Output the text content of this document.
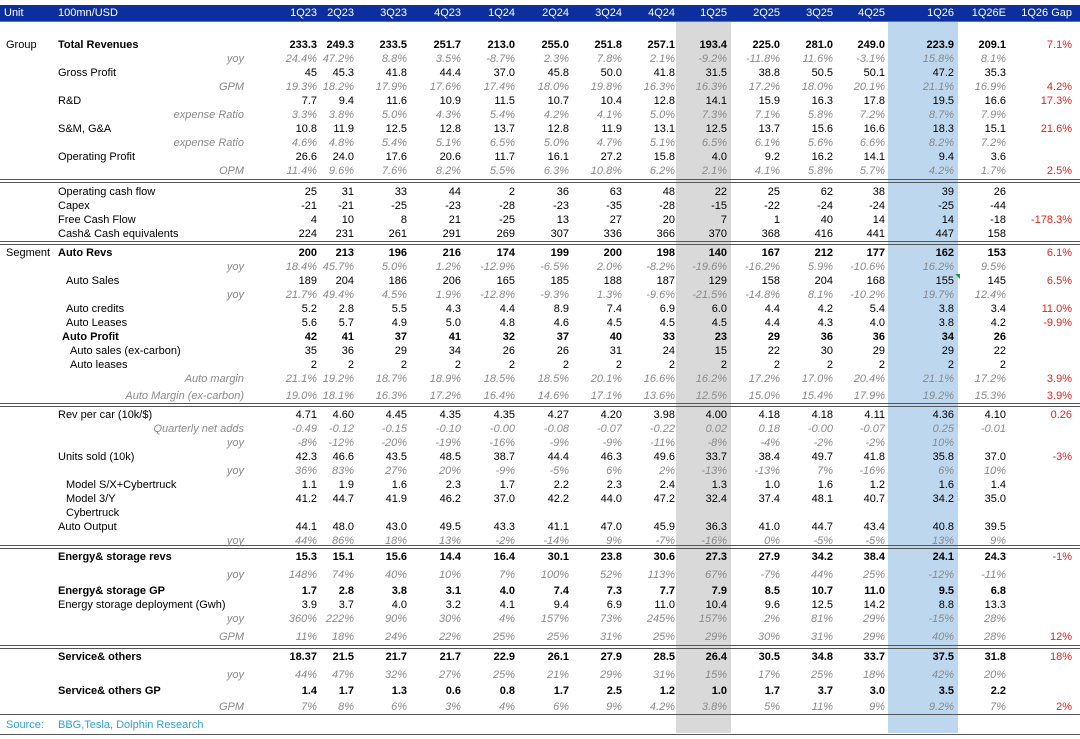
Unit	100mn/USD	1Q23 2Q23	3Q23	4Q23	1Q24	2Q24	3Q24	4Q24	1Q25	2Q25	3Q25	4Q25	1Q26	1Q26E	1Q26 Gap
Group	Total Revenues	233.3 249.3	233.5	251.7	213.0	255.0	251.8	257.1	193.4	225.0	281.0	249.0	223.9	209.1	7.1%
yoy	24.4% 47.2%	8.8%	3.5%	-8.7%	2.3%	7.8%	2.1%	-9.2%	-11.8%	11.6%	-3.1%	15.8%	8.1%
Gross Profit	45	45.3	41.8	44.4	37.0	45.8	50.0	41.8	31.5	38.8	50.5	50.1	47.2	35.3
GPM	19.3% 18.2%	17.9%	17.6%	17.4%	18.0%	19.8%	16.3%	16.3%	17.2%	18.0%	20.1%	21.1%	16.9%	4.2%
R&D	7.7	9.4	11.6	10.9	11.5	10.7	10.4	12.8	14.1	15.9	16.3	17.8	19.5	16.6	17.3%
expense Ratio	3.3%	3.8%	5.0%	4.3%	5.4%	4.2%	4.1%	5.0%	7.3%	7.1%	5.8%	7.2%	8.7%	7.9%
S&M, G&A	10.8	11.9	12.5	12.8	13.7	12.8	11.9	13.1	12.5	13.7	15.6	16.6	18.3	15.1	21.6%
expense Ratio	4.6%	4.8%	5.4%	5.1%	6.5%	5.0%	4.7%	5.1%	6.5%	6.1%	5.6%	6.6%	8.2%	7.2%
Operating Profit	26.6	24.0	17.6	20.6	11.7	16.1	27.2	15.8	4.0	9.2	16.2	14.1	9.4	3.6
OPM	11.4%	9.6%	7.6%	8.2%	5.5%	6.3%	10.8%	6.2%	2.1%	4.1%	5.8%	5.7%	4.2%	1.7%	2.5%
Operating cash flow	25	31	33	44	2	36	63	48	22	25	62	38	39	26
Capex	-21	-21	-25	-23	-28	-23	-35	-28	-15	-22	-24	-24	-25	-44
Free Cash Flow	4	10	8	21	-25	13	27	20	7	1	40	14	14	-18	-178.3%
Cash& Cash equivalents	224	231	261	291	269	307	336	366	370	368	416	441	447	158
Segment Auto Revs	200	213	196	216	174	199	200	198	140	167	212	177	162	153	6.1%
yoy	18.4% 45.7%	5.0%	1.2%	-12.9%	-6.5%	2.0%	-8.2%	-19.6%	-16.2%	5.9%	-10.6%	16.2%	9.5%
Auto Sales	189	204	186	206	165	185	188	187	129	158	204	168	155	145	6.5%
yoy	21.7% 49.4%	4.5%	1.9%	-12.8%	-9.3%	1.3%	-9.6%	-21.5%	-14.8%	8.1%	-10.2%	19.7%	12.4%
Auto credits	5.2	2.8	5.5	4.3	4.4	8.9	7.4	6.9	6.0	4.4	4.2	5.4	3.8	3.4	11.0%
Auto Leases	5.6	5.7	4.9	5.0	4.8	4.6	4.5	4.5	4.5	4.4	4.3	4.0	3.8	4.2	-9.9%
Auto Profit	42	41	37	41	32	37	40	33	23	29	36	36	34	26
Auto sales (ex-carbon)	35	36	29	34	26	26	31	24	15	22	30	29	29	22
Auto leases	2	2	2	2	2	2	2	2	2	2	2	2	2	2
Auto margin	21.1% 19.2%	18.7%	18.9%	18.5%	18.5%	20.1%	16.6%	16.2%	17.2%	17.0%	20.4%	21.1%	17.2%	3.9%
Auto Margin (ex-carbon)	19.0% 18.1%	16.3%	17.2%	16.4%	14.6%	17.1%	13.6%	12.5%	15.0%	15.4%	17.9%	19.2%	15.3%	3.9%
Rev per car (10k/$)	4.71	4.60	4.45	4.35	4.35	4.27	4.20	3.98	4.00	4.18	4.18	4.11	4.36	4.10	0.26
Quarterly net adds	-0.49	-0.12	-0.15	-0.10	-0.00	-0.08	-0.07	-0.22	0.02	0.18	-0.00	-0.07	0.25	-0.01
yoy	-8%	-12%	-20%	-19%	-16%	-9%	-9%	-11%	-8%	-4%	-2%	-2%	10%
Units sold (10k)	42.3	46.6	43.5	48.5	38.7	44.4	46.3	49.6	33.7	38.4	49.7	41.8	35.8	37.0	-3%
yoy	36%	83%	27%	20%	-9%	-5%	6%	2%	-13%	-13%	7%	-16%	6%	10%
Model S/X+Cybertruck	1.1	1.9	1.6	2.3	1.7	2.2	2.3	2.4	1.3	1.0	1.6	1.2	1.6	1.4
Model 3/Y	41.2	44.7	41.9	46.2	37.0	42.2	44.0	47.2	32.4	37.4	48.1	40.7	34.2	35.0
Cybertruck
Auto Output	44.1	48.0	43.0	49.5	43.3	41.1	47.0	45.9	36.3	41.0	44.7	43.4	40.8	39.5
yoy	44%	86%	18%	13%	-2%	-14%	9%	-7%	-16%	0%	-5%	-5%	13%	9%
Energy& storage revs	15.3	15.1	15.6	14.4	16.4	30.1	23.8	30.6	27.3	27.9	34.2	38.4	24.1	24.3	-1%
yoy	148%	74%	40%	10%	7%	100%	52%	113%	67%	-7%	44%	25%	-12%	-11%
Energy& storage GP	1.7	2.8	3.8	3.1	4.0	7.4	7.3	7.7	7.9	8.5	10.7	11.0	9.5	6.8
Energy storage deployment (Gwh)	3.9	3.7	4.0	3.2	4.1	9.4	6.9	11.0	10.4	9.6	12.5	14.2	8.8	13.3
yoy	360% 222%	90%	30%	4%	157%	73%	245%	157%	2%	81%	29%	-15%	28%
GPM	11%	18%	24%	22%	25%	25%	31%	25%	29%	30%	31%	29%	40%	28%	12%
Service& others	18.37	21.5	21.7	21.7	22.9	26.1	27.9	28.5	26.4	30.5	34.8	33.7	37.5	31.8	18%
yoy	44%	47%	32%	27%	25%	21%	29%	31%	15%	17%	25%	18%	42%	20%
Service& others GP	1.4	1.7	1.3	0.6	0.8	1.7	2.5	1.2	1.0	1.7	3.7	3.0	3.5	2.2
GPM	7%	8%	6%	3%	4%	6%	9%	4.2%	3.8%	5%	11%	9%	9.2%	7%	2%
Source:	BBG,Tesla, Dolphin Research
